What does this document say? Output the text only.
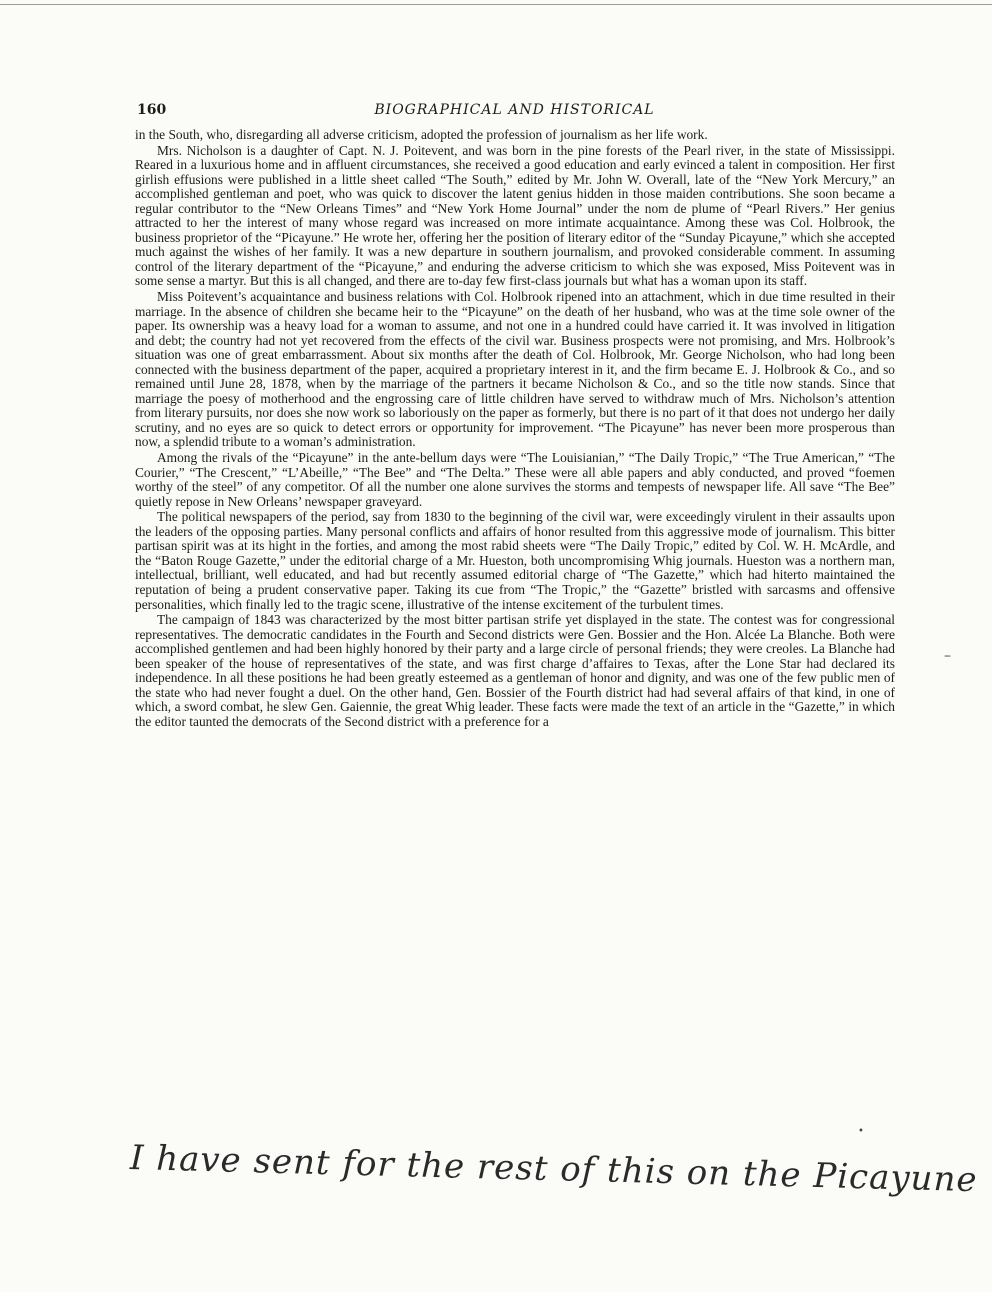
160	BIOGRAPHICAL AND HISTORICAL

in the South, who, disregarding all adverse criticism, adopted the profession of journalism as her life work.

Mrs. Nicholson is a daughter of Capt. N. J. Poitevent, and was born in the pine forests of the Pearl river, in the state of Mississippi. Reared in a luxurious home and in affluent circumstances, she received a good education and early evinced a talent in composition. Her first girlish effusions were published in a little sheet called “The South,” edited by Mr. John W. Overall, late of the “New York Mercury,” an accomplished gentleman and poet, who was quick to discover the latent genius hidden in those maiden contributions. She soon became a regular contributor to the “New Orleans Times” and “New York Home Journal” under the nom de plume of “Pearl Rivers.” Her genius attracted to her the interest of many whose regard was increased on more intimate acquaintance. Among these was Col. Holbrook, the business proprietor of the “Picayune.” He wrote her, offering her the position of literary editor of the “Sunday Picayune,” which she accepted much against the wishes of her family. It was a new departure in southern journalism, and provoked considerable comment. In assuming control of the literary department of the “Picayune,” and enduring the adverse criticism to which she was exposed, Miss Poitevent was in some sense a martyr. But this is all changed, and there are to-day few first-class journals but what has a woman upon its staff.

Miss Poitevent’s acquaintance and business relations with Col. Holbrook ripened into an attachment, which in due time resulted in their marriage. In the absence of children she became heir to the “Picayune” on the death of her husband, who was at the time sole owner of the paper. Its ownership was a heavy load for a woman to assume, and not one in a hundred could have carried it. It was involved in litigation and debt; the country had not yet recovered from the effects of the civil war. Business prospects were not promising, and Mrs. Holbrook’s situation was one of great embarrassment. About six months after the death of Col. Holbrook, Mr. George Nicholson, who had long been connected with the business department of the paper, acquired a proprietary interest in it, and the firm became E. J. Holbrook & Co., and so remained until June 28, 1878, when by the marriage of the partners it became Nicholson & Co., and so the title now stands. Since that marriage the poesy of motherhood and the engrossing care of little children have served to withdraw much of Mrs. Nicholson’s attention from literary pursuits, nor does she now work so laboriously on the paper as formerly, but there is no part of it that does not undergo her daily scrutiny, and no eyes are so quick to detect errors or opportunity for improvement. “The Picayune” has never been more prosperous than now, a splendid tribute to a woman’s administration.

Among the rivals of the “Picayune” in the ante-bellum days were “The Louisianian,” “The Daily Tropic,” “The True American,” “The Courier,” “The Crescent,” “L’Abeille,” “The Bee” and “The Delta.” These were all able papers and ably conducted, and proved “foemen worthy of the steel” of any competitor. Of all the number one alone survives the storms and tempests of newspaper life. All save “The Bee” quietly repose in New Orleans’ newspaper graveyard.

The political newspapers of the period, say from 1830 to the beginning of the civil war, were exceedingly virulent in their assaults upon the leaders of the opposing parties. Many personal conflicts and affairs of honor resulted from this aggressive mode of journalism. This bitter partisan spirit was at its hight in the forties, and among the most rabid sheets were “The Daily Tropic,” edited by Col. W. H. McArdle, and the “Baton Rouge Gazette,” under the editorial charge of a Mr. Hueston, both uncompromising Whig journals. Hueston was a northern man, intellectual, brilliant, well educated, and had but recently assumed editorial charge of “The Gazette,” which had hiterto maintained the reputation of being a prudent conservative paper. Taking its cue from “The Tropic,” the “Gazette” bristled with sarcasms and offensive personalities, which finally led to the tragic scene, illustrative of the intense excitement of the turbulent times.

The campaign of 1843 was characterized by the most bitter partisan strife yet displayed in the state. The contest was for congressional representatives. The democratic candidates in the Fourth and Second districts were Gen. Bossier and the Hon. Alcée La Blanche. Both were accomplished gentlemen and had been highly honored by their party and a large circle of personal friends; they were creoles. La Blanche had been speaker of the house of representatives of the state, and was first charge d’affaires to Texas, after the Lone Star had declared its independence. In all these positions he had been greatly esteemed as a gentleman of honor and dignity, and was one of the few public men of the state who had never fought a duel. On the other hand, Gen. Bossier of the Fourth district had had several affairs of that kind, in one of which, a sword combat, he slew Gen. Gaiennie, the great Whig leader. These facts were made the text of an article in the “Gazette,” in which the editor taunted the democrats of the Second district with a preference for a

I have sent for the rest of this on the Picayune
–
•
